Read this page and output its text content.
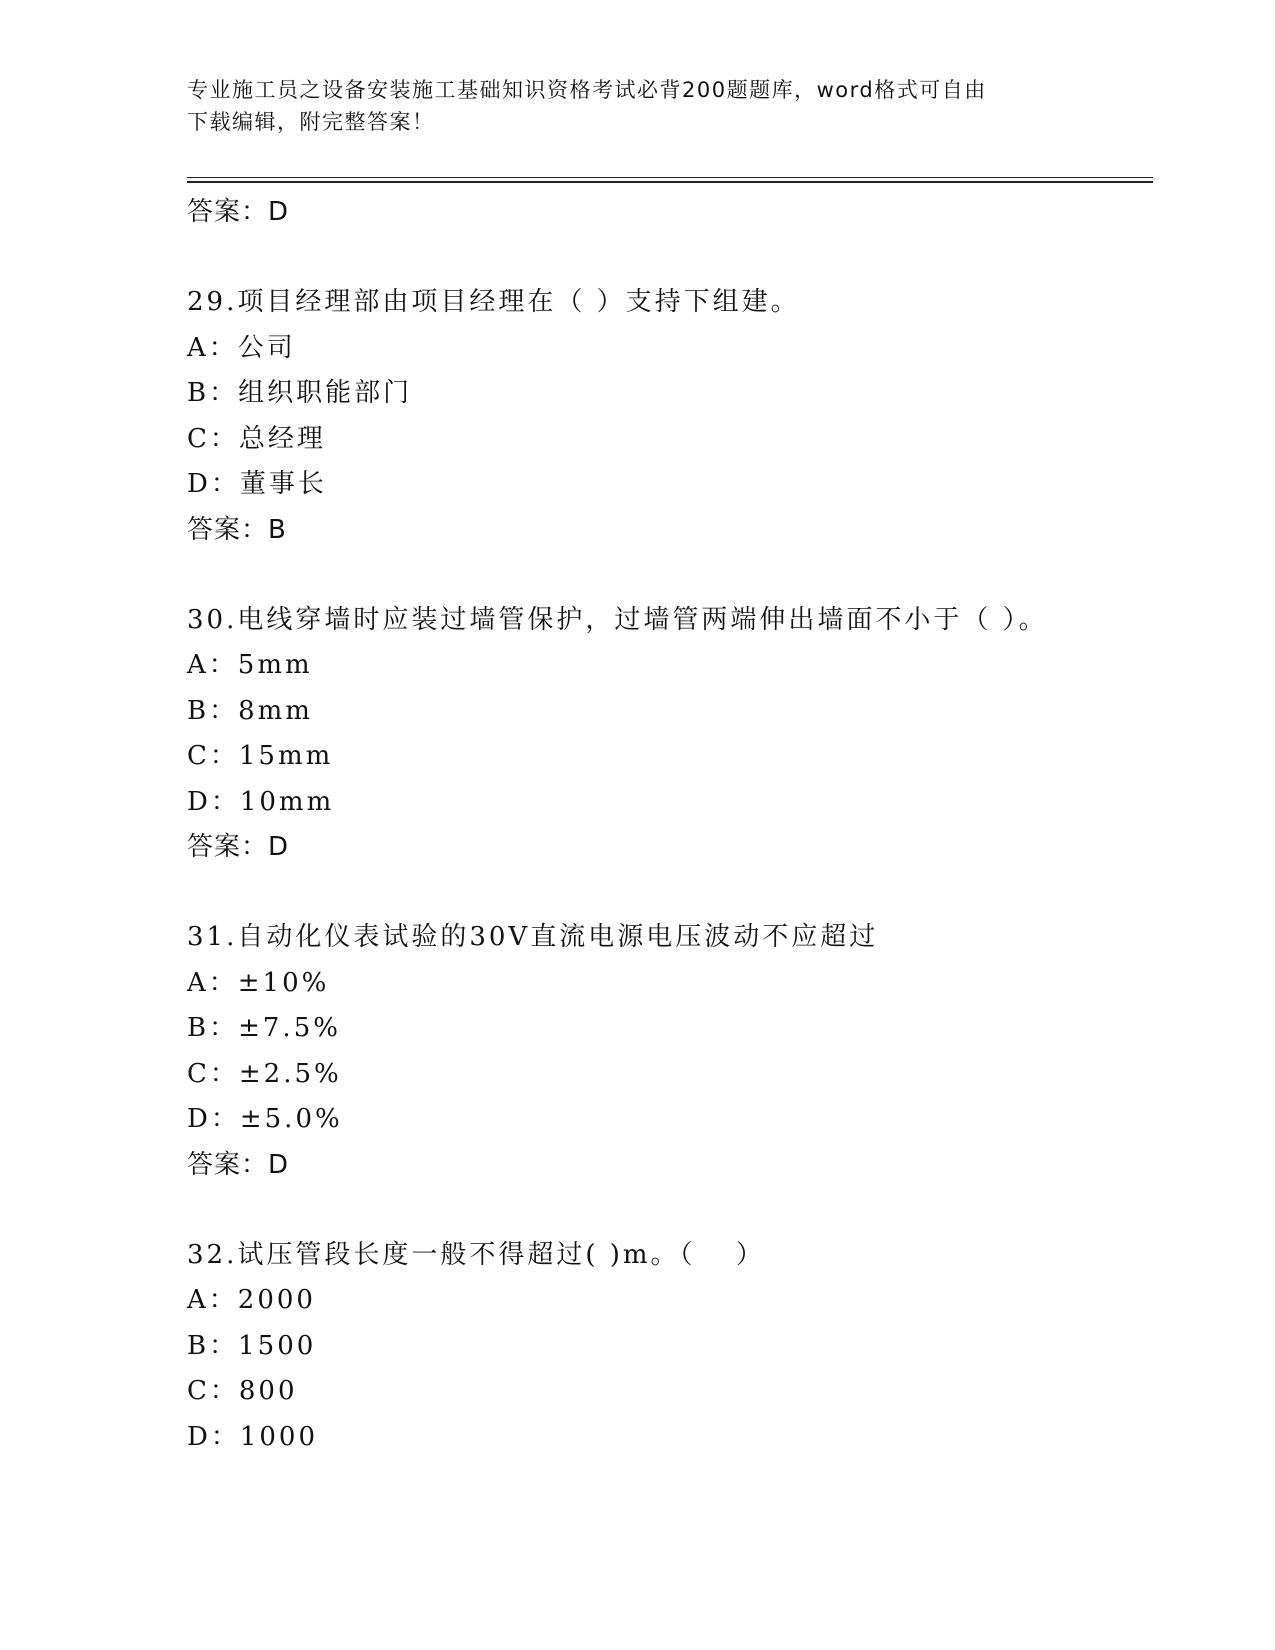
专业施工员之设备安装施工基础知识资格考试必背200题题库，word格式可自由
下载编辑，附完整答案！
答案：D
29.项目经理部由项目经理在（ ）支持下组建。
A：公司
B：组织职能部门
C：总经理
D：董事长
答案：B
30.电线穿墙时应装过墙管保护，过墙管两端伸出墙面不小于（ ）。
A：5mm
B：8mm
C：15mm
D：10mm
答案：D
31.自动化仪表试验的30V直流电源电压波动不应超过
A：±10%
B：±7.5%
C：±2.5%
D：±5.0%
答案：D
32.试压管段长度一般不得超过( )m。（　 ）
A：2000
B：1500
C：800
D：1000
